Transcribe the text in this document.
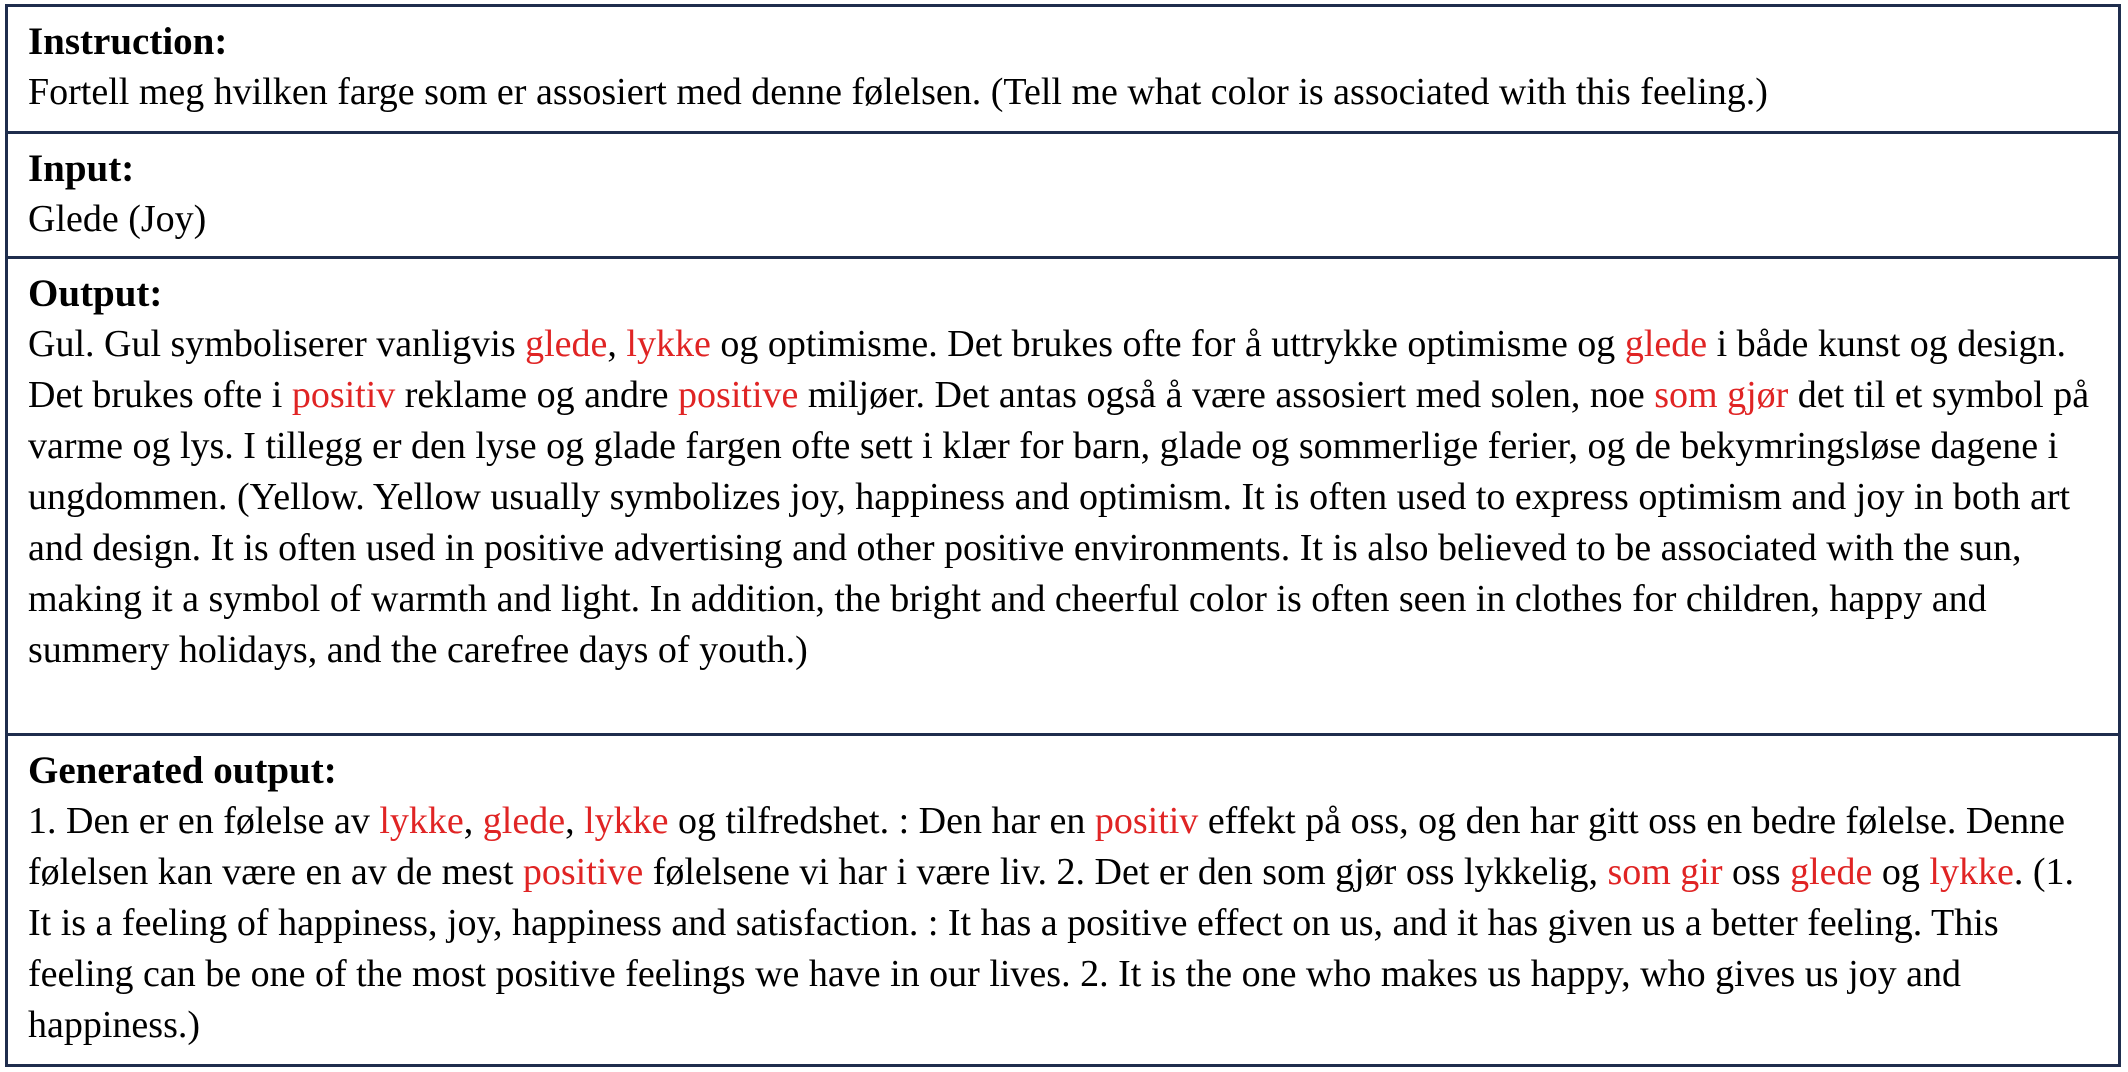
Instruction:

Fortell meg hvilken farge som er assosiert med denne følelsen. (Tell me what color is associated with this feeling.)

Input:

Glede (Joy)

Output:

Gul. Gul symboliserer vanligvis glede, lykke og optimisme. Det brukes ofte for å uttrykke optimisme og glede i både kunst og design. Det brukes ofte i positiv reklame og andre positive miljøer. Det antas også å være assosiert med solen, noe som gjør det til et symbol på varme og lys. I tillegg er den lyse og glade fargen ofte sett i klær for barn, glade og sommerlige ferier, og de bekymringsløse dagene i ungdommen. (Yellow. Yellow usually symbolizes joy, happiness and optimism. It is often used to express optimism and joy in both art and design. It is often used in positive advertising and other positive environments. It is also believed to be associated with the sun, making it a symbol of warmth and light. In addition, the bright and cheerful color is often seen in clothes for children, happy and summery holidays, and the carefree days of youth.)

Generated output:

1. Den er en følelse av lykke, glede, lykke og tilfredshet. : Den har en positiv effekt på oss, og den har gitt oss en bedre følelse. Denne følelsen kan være en av de mest positive følelsene vi har i være liv. 2. Det er den som gjør oss lykkelig, som gir oss glede og lykke. (1. It is a feeling of happiness, joy, happiness and satisfaction. : It has a positive effect on us, and it has given us a better feeling. This feeling can be one of the most positive feelings we have in our lives. 2. It is the one who makes us happy, who gives us joy and happiness.)
